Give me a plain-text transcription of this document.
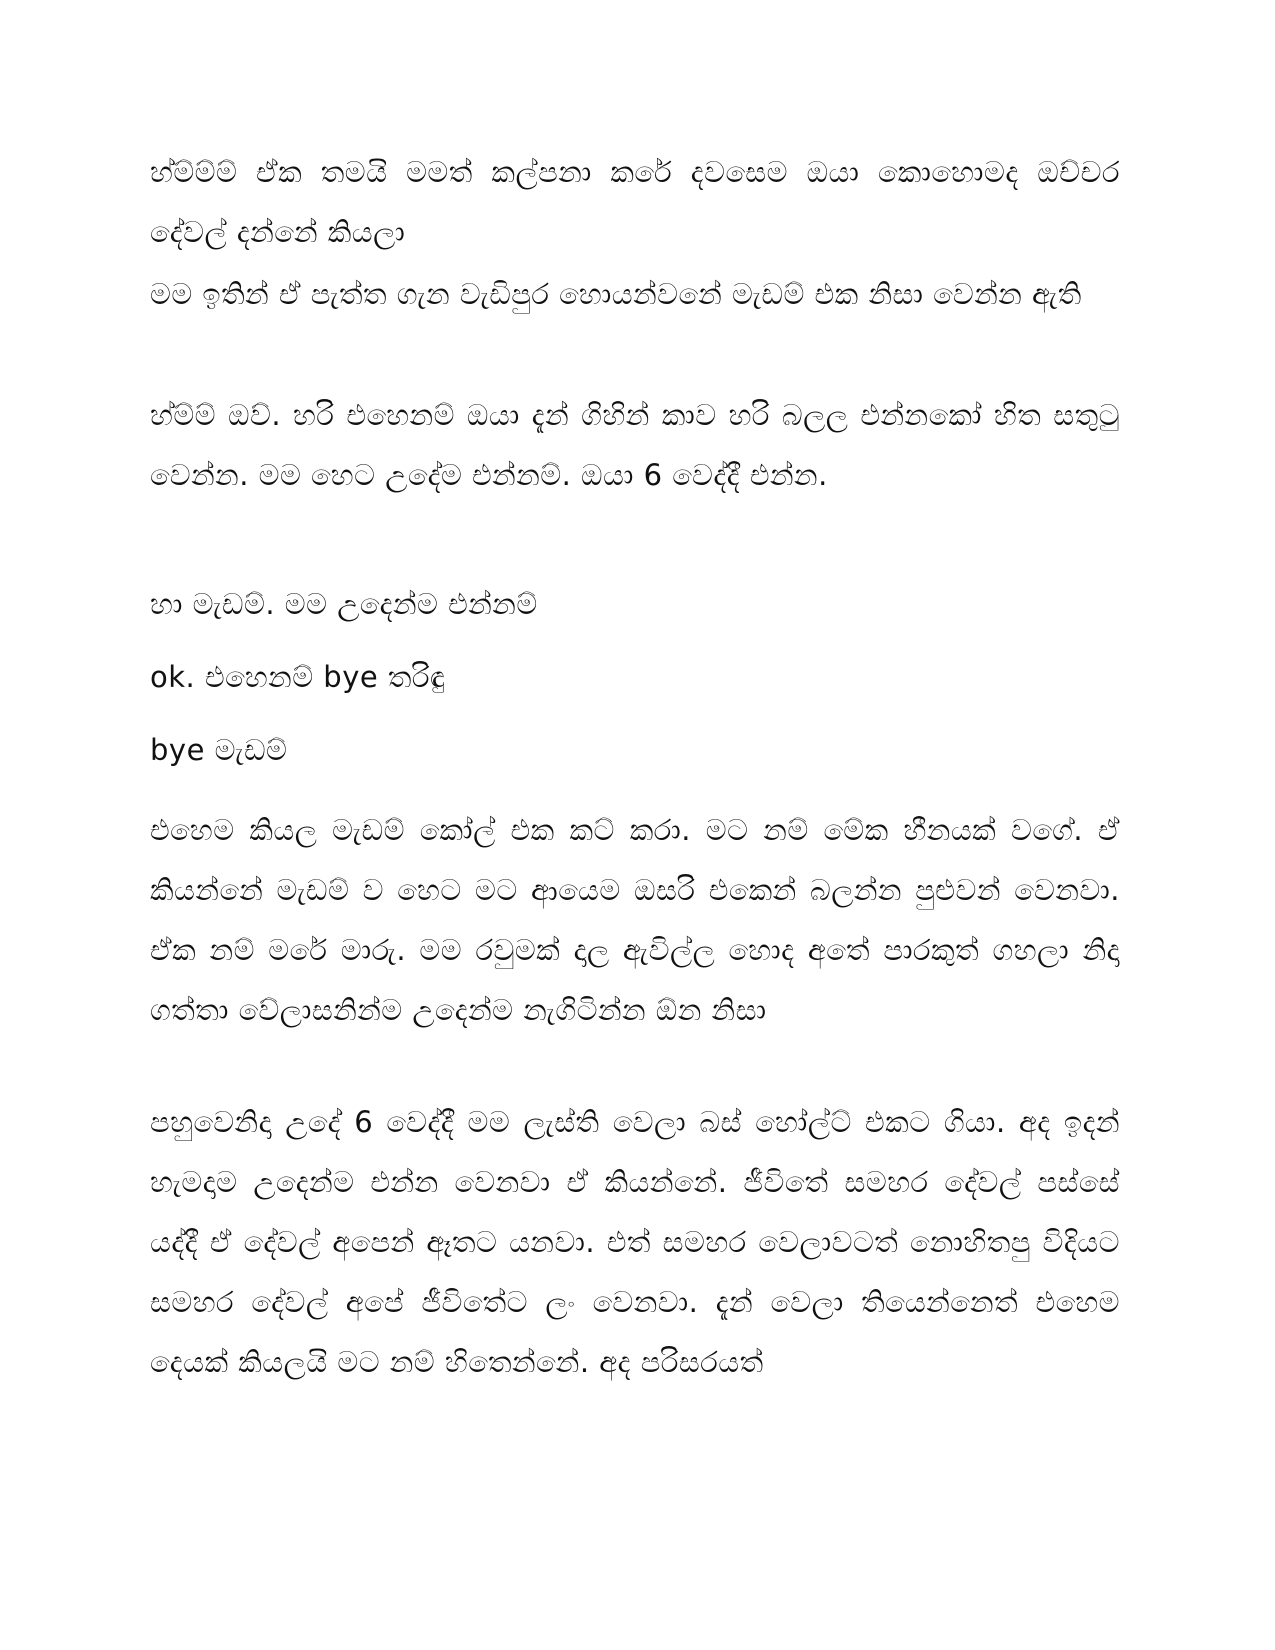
හ්ම්ම්ම් ඒක තමයි මමත් කල්පනා කරේ දවසෙම ඔයා කොහොමද ඔච්චර දේවල් දන්නේ කියලා

මම ඉතින් ඒ පැත්ත ගැන වැඩිපුර හොයන්වනේ මැඩම් එක නිසා වෙන්න ඇති

හ්ම්ම් ඔව්. හරි එහෙනම් ඔයා දැන් ගිහින් කාව හරි බලල එන්නකෝ හිත සතුටු වෙන්න. මම හෙට උදේම එන්නම්. ඔයා 6 වෙද්දී එන්න.

හා මැඩම්. මම උදෙන්ම එන්නම්

ok. එහෙනම් bye තරිඳු

bye මැඩම්

එහෙම කියල මැඩම් කෝල් එක කට් කරා. මට නම් මේක හීනයක් වගේ. ඒ කියන්නේ මැඩම් ව හෙට මට ආයෙම ඔසරි එකෙන් බලන්න පුළුවන් වෙනවා. ඒක නම් මරේ මාරු. මම රවුමක් දාල ඇවිල්ල හොද අතේ පාරකුත් ගහලා නිදා ගත්තා වේලාසනින්ම උදෙන්ම නැගිටින්න ඕන නිසා

පහුවෙනිදා උදේ 6 වෙද්දී මම ලැස්ති වෙලා බස් හෝල්ට් එකට ගියා. අද ඉදන් හැමදාම උදෙන්ම එන්න වෙනවා ඒ කියන්නේ. ජීවිතේ සමහර දේවල් පස්සේ යද්දී ඒ දේවල් අපෙන් ඈතට යනවා. එත් සමහර වෙලාවටත් නොහිතපු විදියට සමහර දේවල් අපේ ජීවිතේට ලං වෙනවා. දැන් වෙලා තියෙන්නෙත් එහෙම දෙයක් කියලයි මට නම් හිතෙන්නේ. අද පරිසරයත්
